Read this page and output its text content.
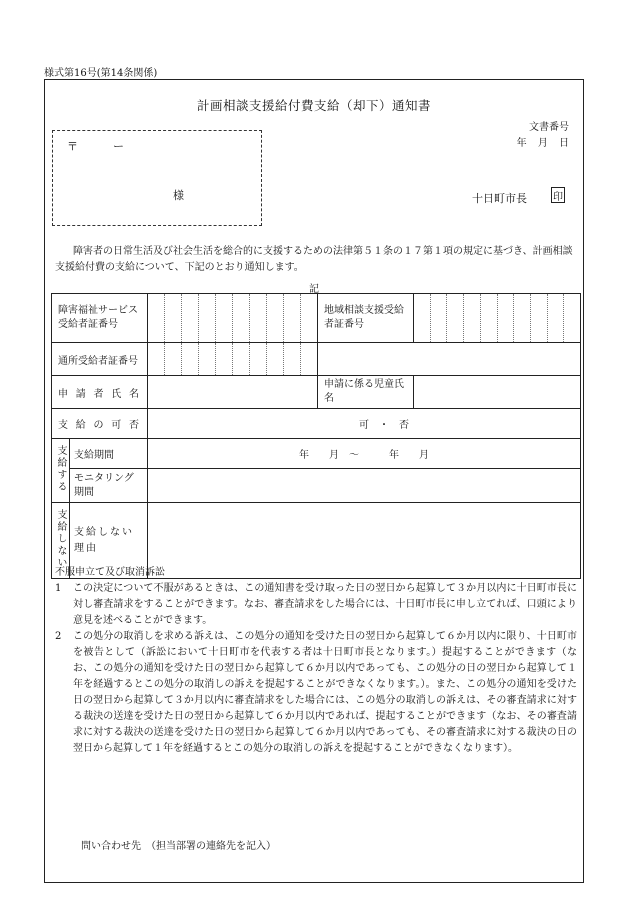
様式第16号(第14条関係)
計画相談支援給付費支給（却下）通知書
文書番号
年 月 日
〒	ー
様	十日町市長	印
障害者の日常生活及び社会生活を総合的に支援するための法律第５１条の１７第１項の規定に基づき、計画相談支援給付費の支給について、下記のとおり通知します。
記
障害福祉サービス受給者証番号			地域相談支援受給者証番号	

通所受給者証番号			

申請者氏名			申請に係る児童氏名	

支給の可否		可　・　否		
支給する	支給期間	年　　月　～　　　年　　月		

	モニタリング期間			

支給しない	支給しない理由			

不服申立て及び取消訴訟

1	この決定について不服があるときは、この通知書を受け取った日の翌日から起算して３か月以内に十日町市長に対し審査請求をすることができます。なお、審査請求をした場合には、十日町市長に申し立てれば、口頭により意見を述べることができます。
2	この処分の取消しを求める訴えは、この処分の通知を受けた日の翌日から起算して６か月以内に限り、十日町市を被告として（訴訟において十日町市を代表する者は十日町市長となります。）提起することができます（なお、この処分の通知を受けた日の翌日から起算して６か月以内であっても、この処分の日の翌日から起算して１年を経過するとこの処分の取消しの訴えを提起することができなくなります。）。また、この処分の通知を受けた日の翌日から起算して３か月以内に審査請求をした場合には、この処分の取消しの訴えは、その審査請求に対する裁決の送達を受けた日の翌日から起算して６か月以内であれば、提起することができます（なお、その審査請求に対する裁決の送達を受けた日の翌日から起算して６か月以内であっても、その審査請求に対する裁決の日の翌日から起算して１年を経過するとこの処分の取消しの訴えを提起することができなくなります）。
問い合わせ先　（担当部署の連絡先を記入）
